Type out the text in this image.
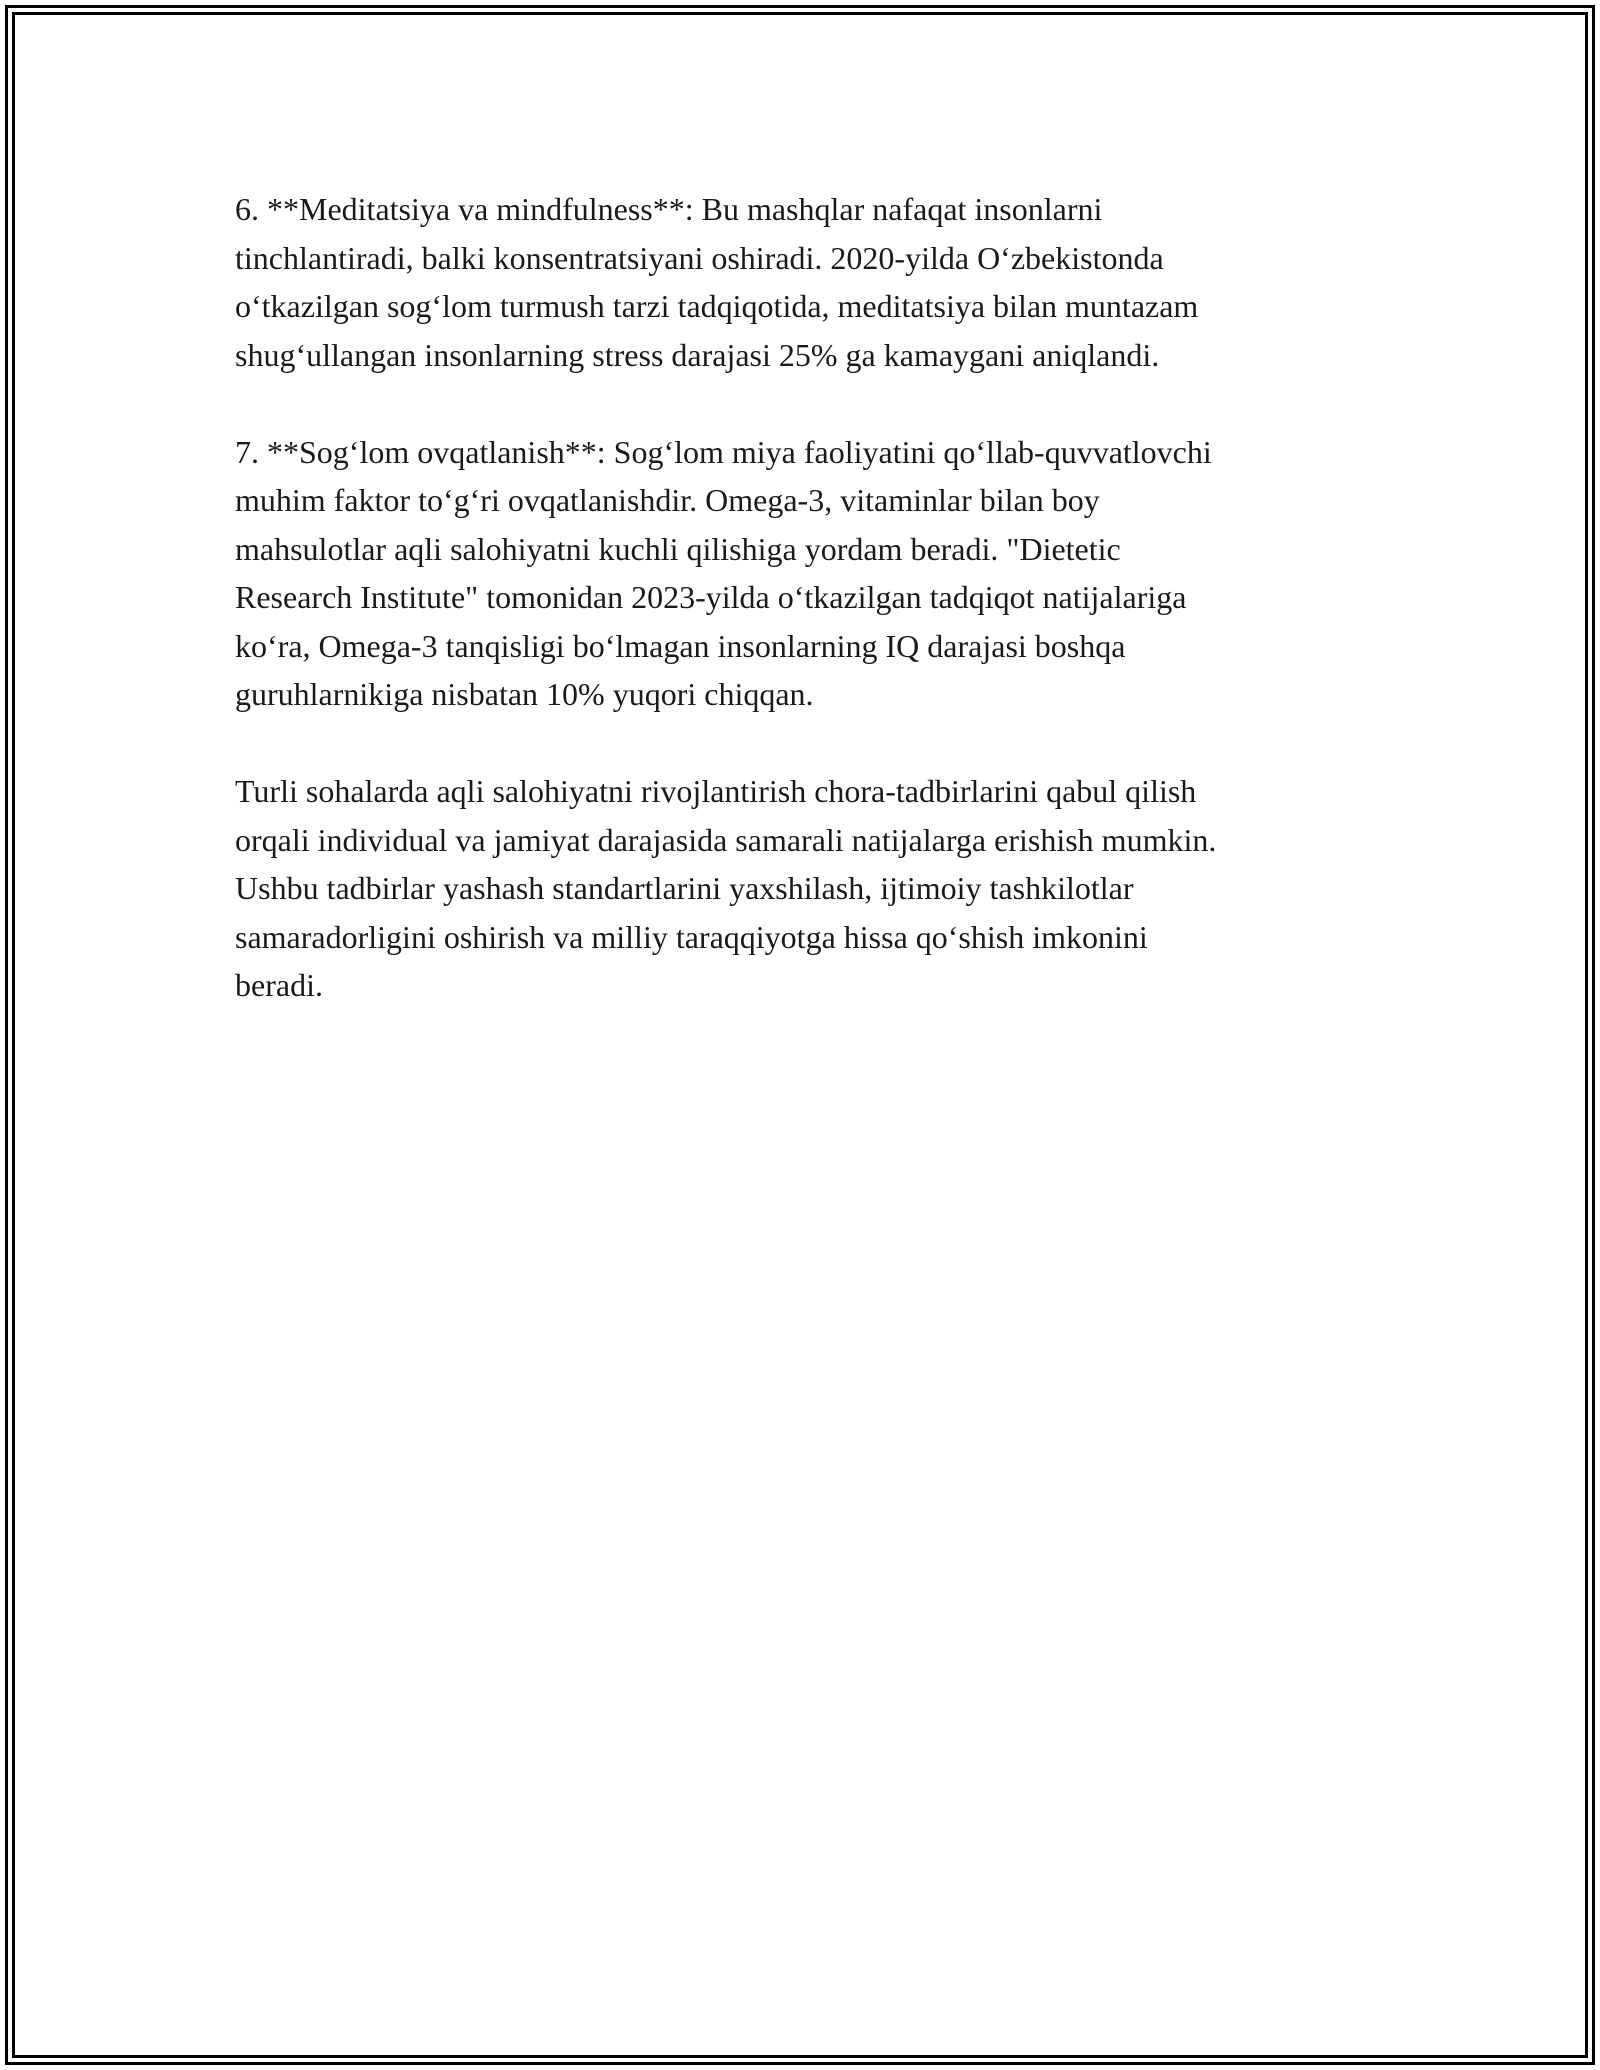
6. **Meditatsiya va mindfulness**: Bu mashqlar nafaqat insonlarni
tinchlantiradi, balki konsentratsiyani oshiradi. 2020-yilda O‘zbekistonda
o‘tkazilgan sog‘lom turmush tarzi tadqiqotida, meditatsiya bilan muntazam
shug‘ullangan insonlarning stress darajasi 25% ga kamaygani aniqlandi.

7. **Sog‘lom ovqatlanish**: Sog‘lom miya faoliyatini qo‘llab-quvvatlovchi
muhim faktor to‘g‘ri ovqatlanishdir. Omega-3, vitaminlar bilan boy
mahsulotlar aqli salohiyatni kuchli qilishiga yordam beradi. "Dietetic
Research Institute" tomonidan 2023-yilda o‘tkazilgan tadqiqot natijalariga
ko‘ra, Omega-3 tanqisligi bo‘lmagan insonlarning IQ darajasi boshqa
guruhlarnikiga nisbatan 10% yuqori chiqqan.

Turli sohalarda aqli salohiyatni rivojlantirish chora-tadbirlarini qabul qilish
orqali individual va jamiyat darajasida samarali natijalarga erishish mumkin.
Ushbu tadbirlar yashash standartlarini yaxshilash, ijtimoiy tashkilotlar
samaradorligini oshirish va milliy taraqqiyotga hissa qo‘shish imkonini
beradi.
